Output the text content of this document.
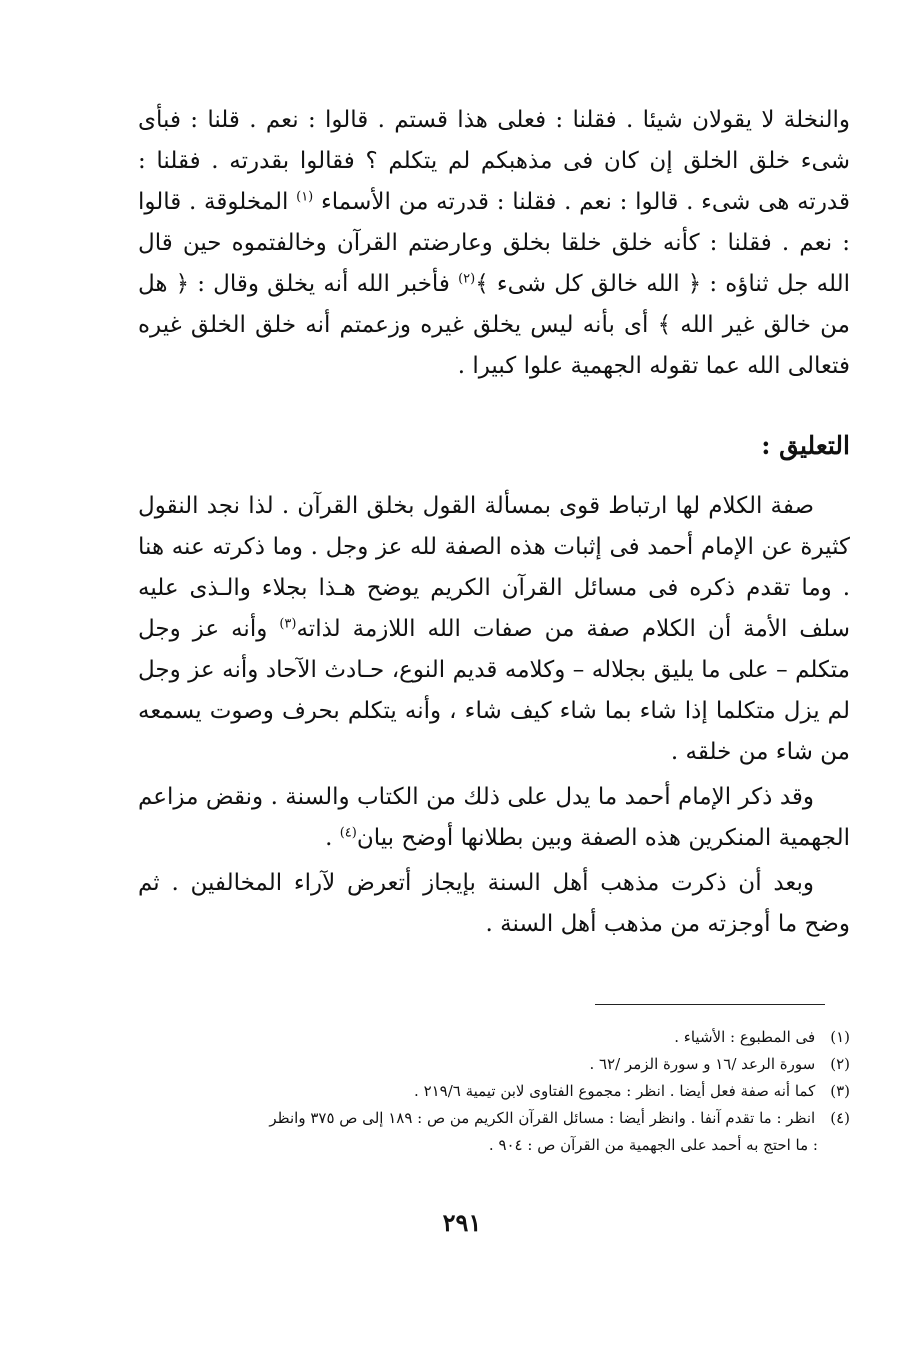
والنخلة لا يقولان شيئا . فقلنا : فعلى هذا قستم . قالوا : نعم . قلنا : فبأى شىء خلق الخلق إن كان فى مذهبكم لم يتكلم ؟ فقالوا بقدرته . فقلنا : قدرته هى شىء . قالوا : نعم . فقلنا : قدرته من الأسماء $^{(١)}$ المخلوقة . قالوا : نعم . فقلنا : كأنه خلق خلقا بخلق وعارضتم القرآن وخالفتموه حين قال الله جل ثناؤه : ﴿ الله خالق كل شىء ﴾$^{(٢)}$ فأخبر الله أنه يخلق وقال : ﴿ هل من خالق غير الله ﴾ أى بأنه ليس يخلق غيره وزعمتم أنه خلق الخلق غيره فتعالى الله عما تقوله الجهمية علوا كبيرا .

التعليق :

صفة الكلام لها ارتباط قوى بمسألة القول بخلق القرآن . لذا نجد النقول كثيرة عن الإمام أحمد فى إثبات هذه الصفة لله عز وجل . وما ذكرته عنه هنا . وما تقدم ذكره فى مسائل القرآن الكريم يوضح هـذا بجلاء والـذى عليه سلف الأمة أن الكلام صفة من صفات الله اللازمة لذاته$^{(٣)}$ وأنه عز وجل متكلم – على ما يليق بجلاله – وكلامه قديم النوع، حـادث الآحاد وأنه عز وجل لم يزل متكلما إذا شاء بما شاء كيف شاء ، وأنه يتكلم بحرف وصوت يسمعه من شاء من خلقه .

وقد ذكر الإمام أحمد ما يدل على ذلك من الكتاب والسنة . ونقض مزاعم الجهمية المنكرين هذه الصفة وبين بطلانها أوضح بيان$^{(٤)}$ .

وبعد أن ذكرت مذهب أهل السنة بإيجاز أتعرض لآراء المخالفين . ثم وضح ما أوجزته من مذهب أهل السنة .

(١) فى المطبوع : الأشياء .
(٢) سورة الرعد /١٦ و سورة الزمر /٦٢ .
(٣) كما أنه صفة فعل أيضا . انظر : مجموع الفتاوى لابن تيمية ٢١٩/٦ .
(٤) انظر : ما تقدم آنفا . وانظر أيضا : مسائل القرآن الكريم من ص : ١٨٩ إلى ص ٣٧٥ وانظر
: ما احتج به أحمد على الجهمية من القرآن ص : ٩٠٤ .
٢٩١
